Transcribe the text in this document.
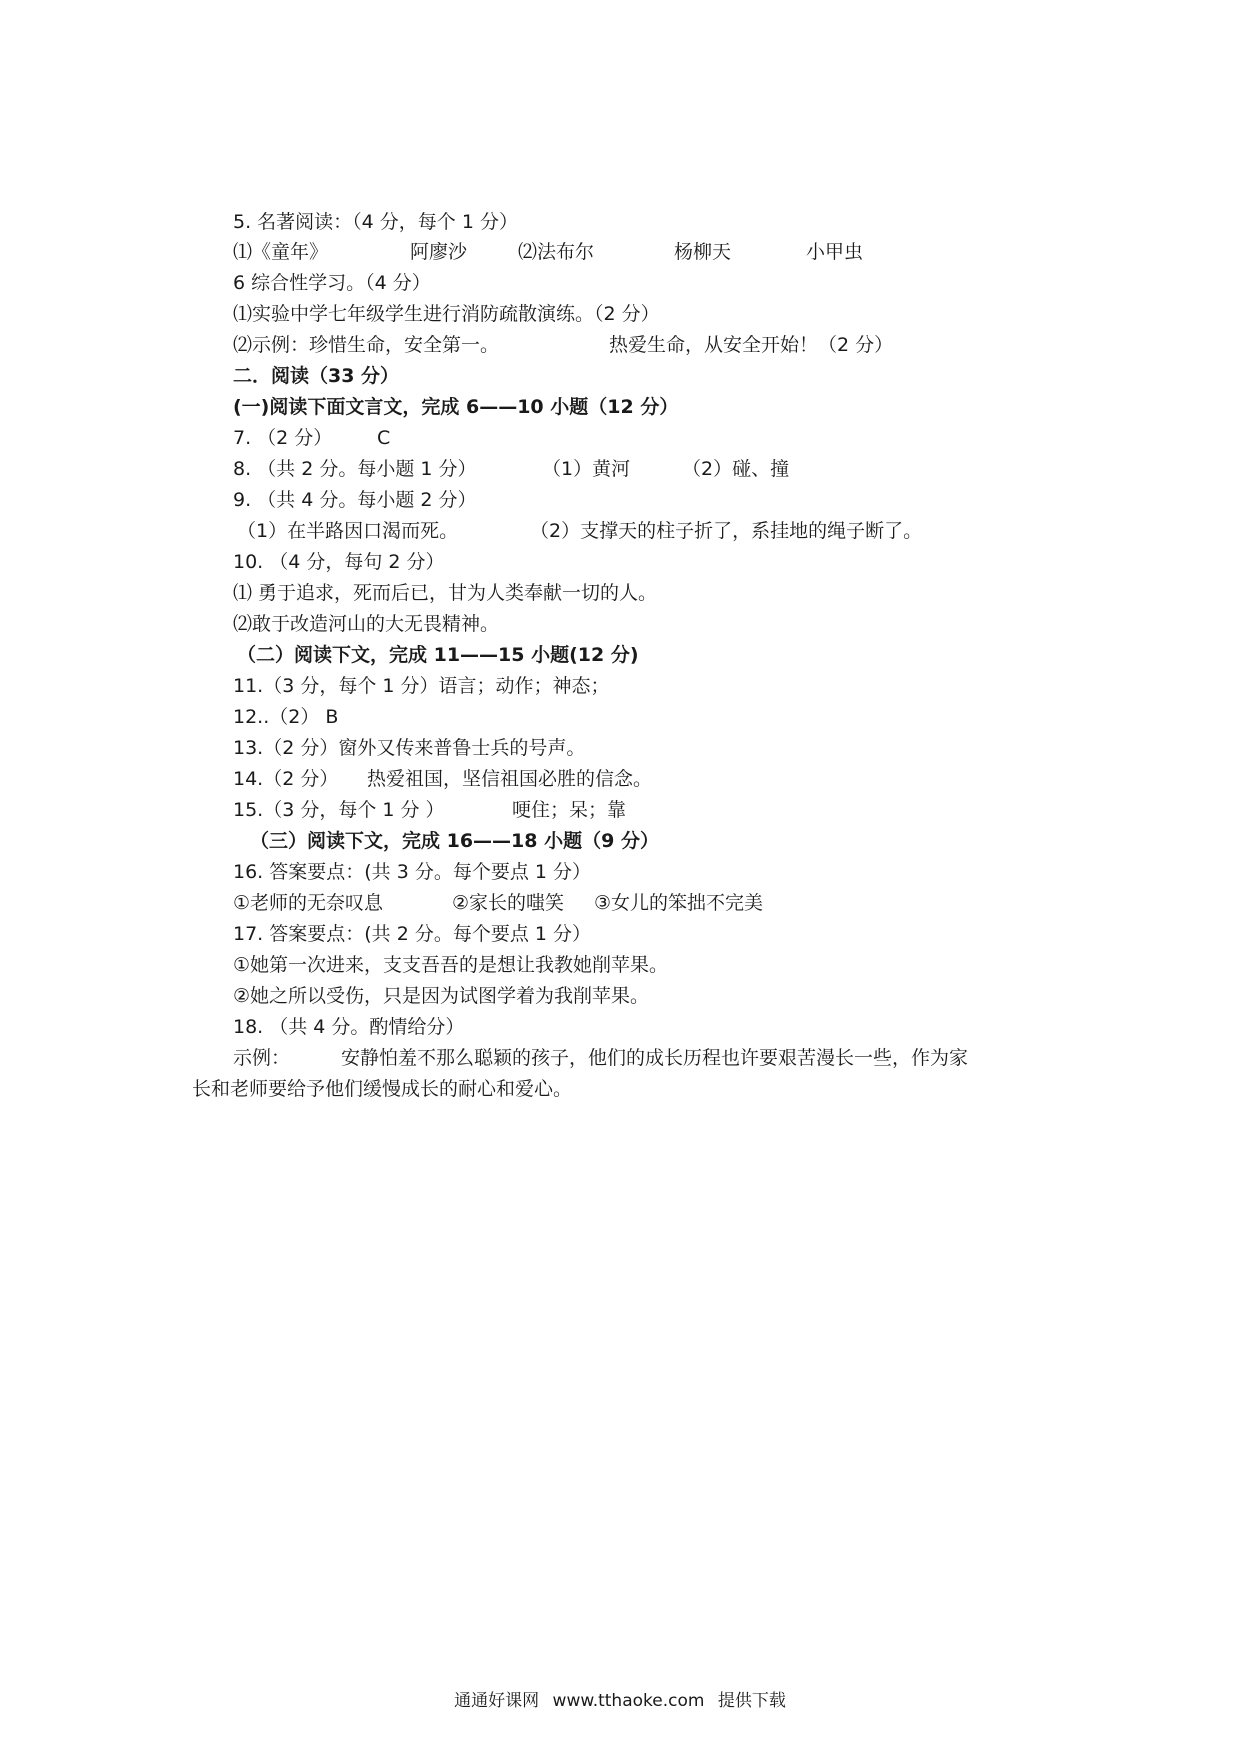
5. 名著阅读：（4 分，每个 1 分）
⑴《童年》	阿廖沙	⑵法布尔	杨柳天	小甲虫
6 综合性学习。（4 分）
⑴实验中学七年级学生进行消防疏散演练。（2 分）
⑵示例：珍惜生命，安全第一。	热爱生命，从安全开始！（2 分）
二．阅读（33 分）
(一)阅读下面文言文，完成 6——10 小题（12 分）
7. （2 分） C
8. （共 2 分。每小题 1 分）	（1）黄河	（2）碰、撞
9. （共 4 分。每小题 2 分）
（1）在半路因口渴而死。	（2）支撑天的柱子折了，系挂地的绳子断了。
10. （4 分，每句 2 分）
⑴ 勇于追求，死而后已，甘为人类奉献一切的人。
⑵敢于改造河山的大无畏精神。
（二）阅读下文，完成 11——15 小题(12 分)
11.（3 分，每个 1 分）语言；动作；神态；
12..（2） B
13.（2 分）窗外又传来普鲁士兵的号声。
14.（2 分） 热爱祖国，坚信祖国必胜的信念。
15.（3 分，每个 1 分 ）	哽住；呆；靠
（三）阅读下文，完成 16——18 小题（9 分）
16. 答案要点：(共 3 分。每个要点 1 分）
①老师的无奈叹息	②家长的嗤笑 ③女儿的笨拙不完美
17. 答案要点：(共 2 分。每个要点 1 分）
①她第一次进来，支支吾吾的是想让我教她削苹果。
②她之所以受伤，只是因为试图学着为我削苹果。
18. （共 4 分。酌情给分）
示例：	安静怕羞不那么聪颖的孩子，他们的成长历程也许要艰苦漫长一些，作为家
长和老师要给予他们缓慢成长的耐心和爱心。
通通好课网 www.tthaoke.com 提供下载
